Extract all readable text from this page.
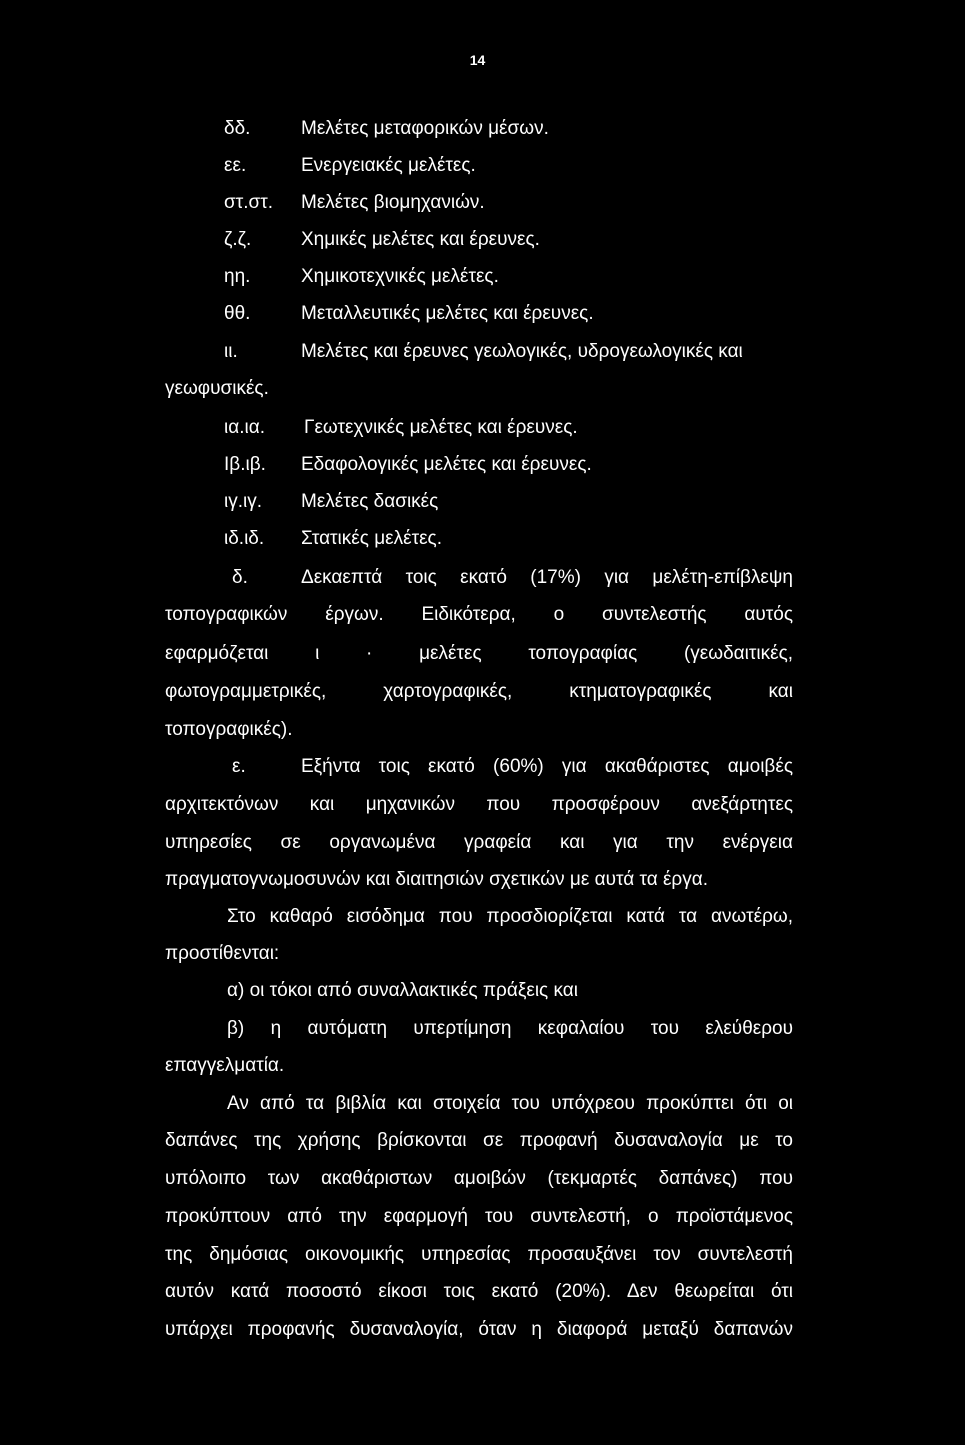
14
δδ.	Μελέτες μεταφορικών μέσων.
εε.	Ενεργειακές μελέτες.
στ.στ. Μελέτες βιομηχανιών.
ζ.ζ.	Χημικές μελέτες και έρευνες.
ηη.	Χημικοτεχνικές μελέτες.
θθ.	Μεταλλευτικές μελέτες και έρευνες.
ιι.	Μελέτες και έρευνες γεωλογικές, υδρογεωλογικές και
γεωφυσικές.
ια.ια. Γεωτεχνικές μελέτες και έρευνες.
Ιβ.ιβ. Εδαφολογικές μελέτες και έρευνες.
ιγ.ιγ. Μελέτες δασικές
ιδ.ιδ. Στατικές μελέτες.
δ.	Δεκαεπτά τοις εκατό (17%) για μελέτη-επίβλεψη
τοπογραφικών έργων. Ειδικότερα, ο συντελεστής αυτός
εφαρμόζεται ι · μελέτες τοπογραφίας (γεωδαιτικές,
φωτογραμμετρικές, χαρτογραφικές, κτηματογραφικές και
τοπογραφικές).
ε.	Εξήντα τοις εκατό (60%) για ακαθάριστες αμοιβές
αρχιτεκτόνων και μηχανικών που προσφέρουν ανεξάρτητες
υπηρεσίες σε οργανωμένα γραφεία και για την ενέργεια
πραγματογνωμοσυνών και διαιτησιών σχετικών με αυτά τα έργα.
Στο καθαρό εισόδημα που προσδιορίζεται κατά τα ανωτέρω,
προστίθενται:
α) οι τόκοι από συναλλακτικές πράξεις και
β) η αυτόματη υπερτίμηση κεφαλαίου του ελεύθερου
επαγγελματία.
Αν από τα βιβλία και στοιχεία του υπόχρεου προκύπτει ότι οι
δαπάνες της χρήσης βρίσκονται σε προφανή δυσαναλογία με το
υπόλοιπο των ακαθάριστων αμοιβών (τεκμαρτές δαπάνες) που
προκύπτουν από την εφαρμογή του συντελεστή, ο προϊστάμενος
της δημόσιας οικονομικής υπηρεσίας προσαυξάνει τον συντελεστή
αυτόν κατά ποσοστό είκοσι τοις εκατό (20%). Δεν θεωρείται ότι
υπάρχει προφανής δυσαναλογία, όταν η διαφορά μεταξύ δαπανών
